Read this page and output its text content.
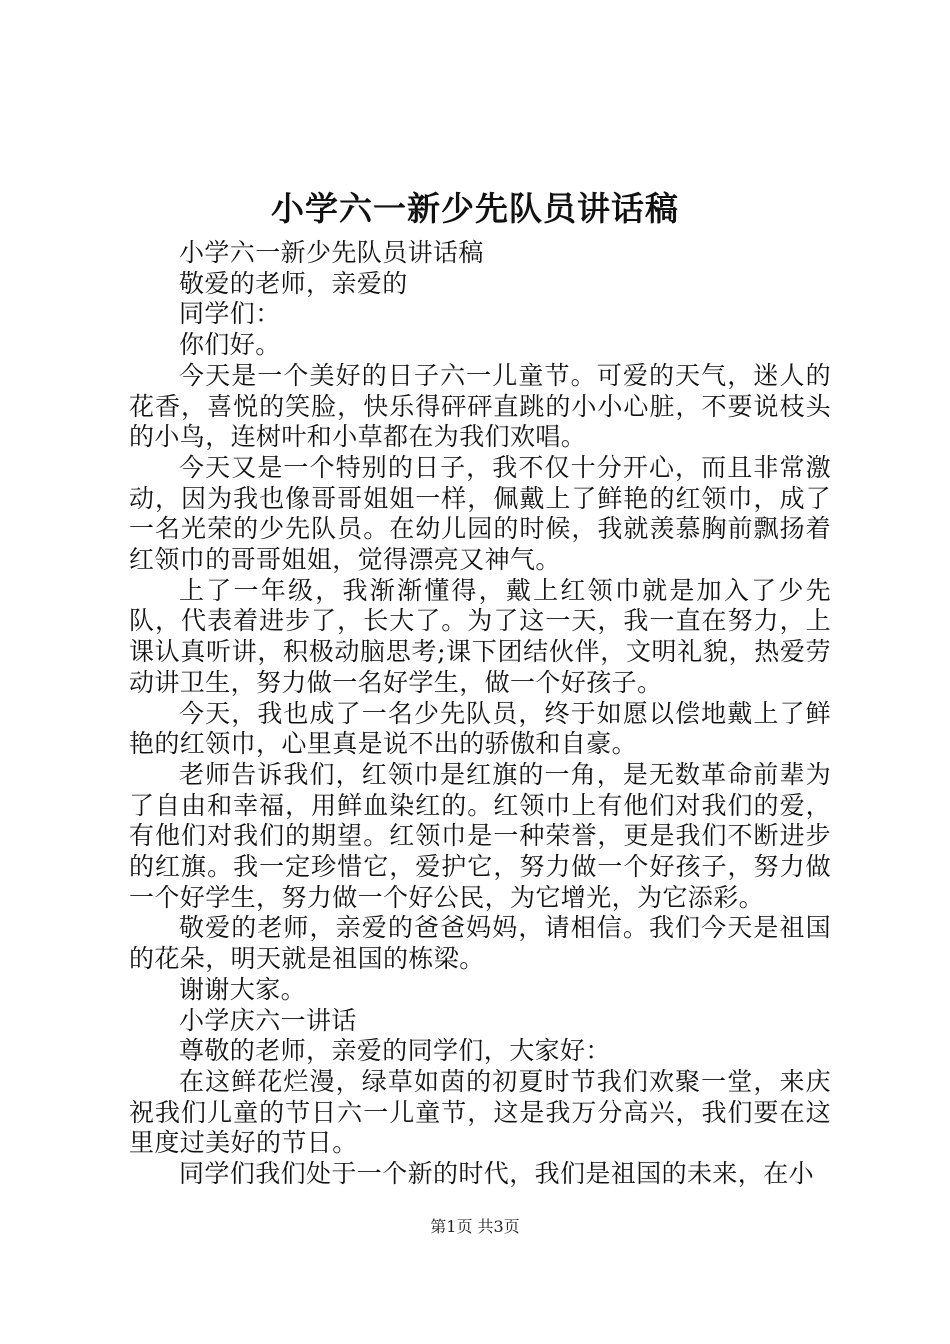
小学六一新少先队员讲话稿

小学六一新少先队员讲话稿

敬爱的老师，亲爱的

同学们：

你们好。

今天是一个美好的日子六一儿童节。可爱的天气，迷人的花香，喜悦的笑脸，快乐得砰砰直跳的小小心脏，不要说枝头的小鸟，连树叶和小草都在为我们欢唱。

今天又是一个特别的日子，我不仅十分开心，而且非常激动，因为我也像哥哥姐姐一样，佩戴上了鲜艳的红领巾，成了一名光荣的少先队员。在幼儿园的时候，我就羡慕胸前飘扬着红领巾的哥哥姐姐，觉得漂亮又神气。

上了一年级，我渐渐懂得，戴上红领巾就是加入了少先队，代表着进步了，长大了。为了这一天，我一直在努力，上课认真听讲，积极动脑思考;课下团结伙伴，文明礼貌，热爱劳动讲卫生，努力做一名好学生，做一个好孩子。

今天，我也成了一名少先队员，终于如愿以偿地戴上了鲜艳的红领巾，心里真是说不出的骄傲和自豪。

老师告诉我们，红领巾是红旗的一角，是无数革命前辈为了自由和幸福，用鲜血染红的。红领巾上有他们对我们的爱，有他们对我们的期望。红领巾是一种荣誉，更是我们不断进步的红旗。我一定珍惜它，爱护它，努力做一个好孩子，努力做一个好学生，努力做一个好公民，为它增光，为它添彩。

敬爱的老师，亲爱的爸爸妈妈，请相信。我们今天是祖国的花朵，明天就是祖国的栋梁。

谢谢大家。

小学庆六一讲话

尊敬的老师，亲爱的同学们，大家好：

在这鲜花烂漫，绿草如茵的初夏时节我们欢聚一堂，来庆祝我们儿童的节日六一儿童节，这是我万分高兴，我们要在这里度过美好的节日。

同学们我们处于一个新的时代，我们是祖国的未来，在小

第1页 共3页
